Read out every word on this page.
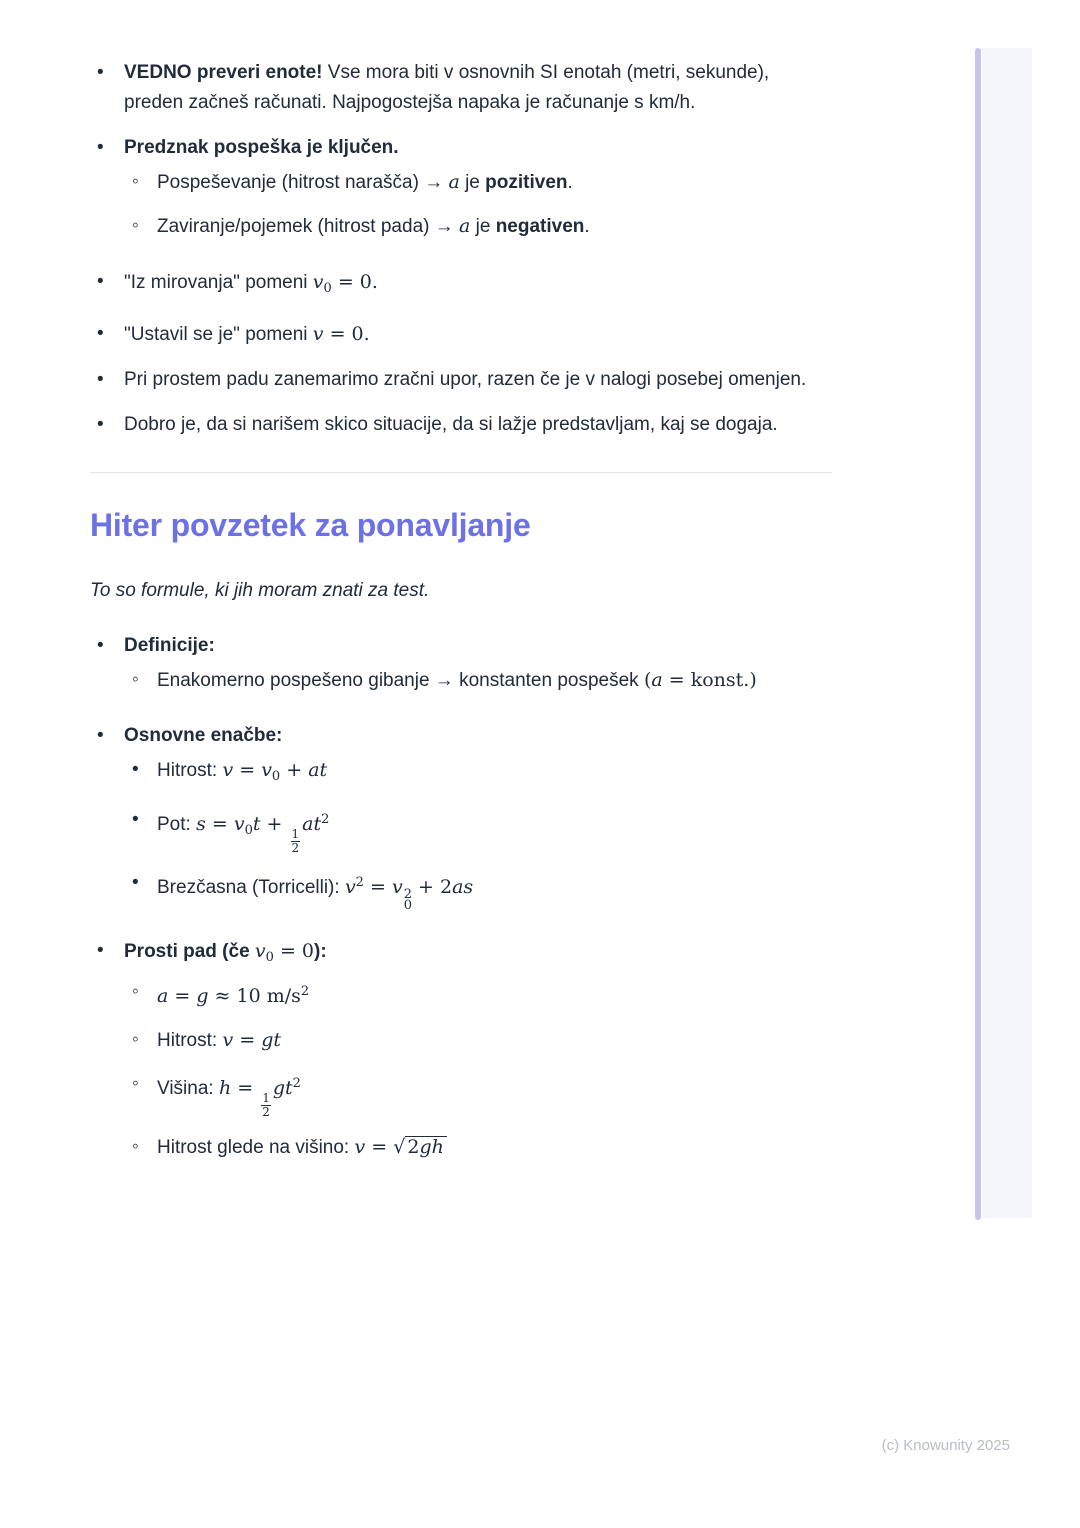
• VEDNO preveri enote! Vse mora biti v osnovnih SI enotah (metri, sekunde), preden začneš računati. Najpogostejša napaka je računanje s km/h.
• Predznak pospeška je ključen.
◦ Pospeševanje (hitrost narašča) → a je pozitiven.
◦ Zaviranje/pojemek (hitrost pada) → a je negativen.
• "Iz mirovanja" pomeni $v_0 = 0$.
• "Ustavil se je" pomeni v = 0.
• Pri prostem padu zanemarimo zračni upor, razen če je v nalogi posebej omenjen.
• Dobro je, da si narišem skico situacije, da si lažje predstavljam, kaj se dogaja.
Hiter povzetek za ponavljanje
To so formule, ki jih moram znati za test.
• Definicije:
◦ Enakomerno pospešeno gibanje → konstanten pospešek (a = konst.)
• Osnovne enačbe:
• Hitrost: $v = v_0$ + at
• Pot: $s = v_0t$ +
$\frac{1}{2}$
$at^2$
• Brezčasna (Torricelli): $v^2 = v$ 2
0
+ 2as
• Prosti pad (če $v_0 = 0$):
◦ a = g ≈ 10 $m/s^2$
◦ Hitrost: v = gt
◦ Višina: h =
$\frac{1}{2}$
$gt^2$
◦ Hitrost glede na višino: v = √ 2gh
(c) Knowunity 2025
